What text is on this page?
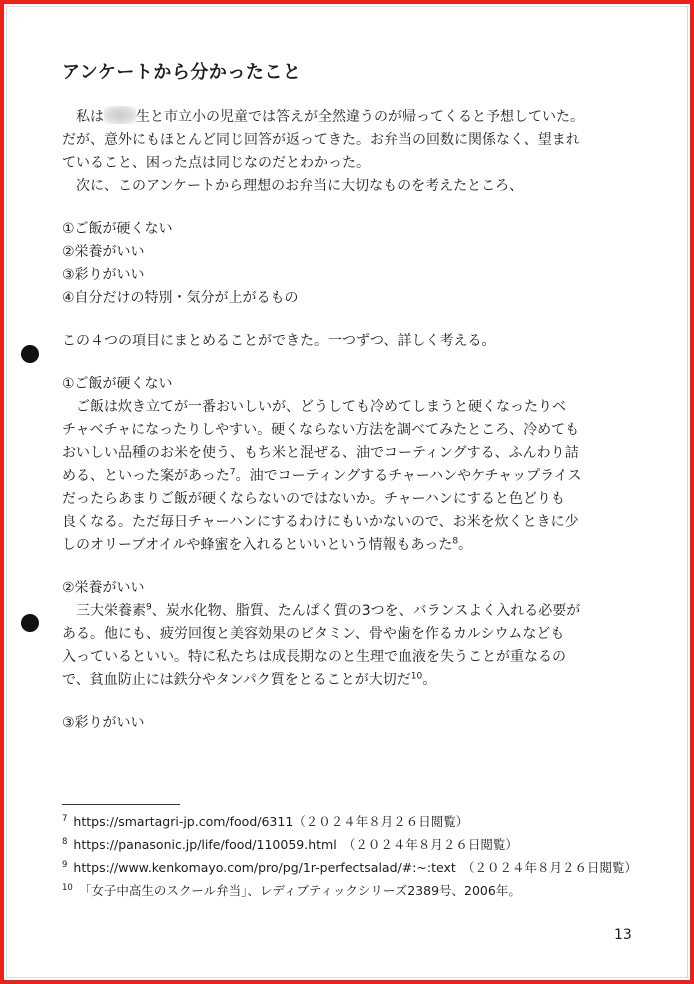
アンケートから分かったこと

　私は 生と市立小の児童では答えが全然違うのが帰ってくると予想していた。

だが、意外にもほとんど同じ回答が返ってきた。お弁当の回数に関係なく、望まれ

ていること、困った点は同じなのだとわかった。

　次に、このアンケートから理想のお弁当に大切なものを考えたところ、

①ご飯が硬くない

②栄養がいい

③彩りがいい

④自分だけの特別・気分が上がるもの

この４つの項目にまとめることができた。一つずつ、詳しく考える。

①ご飯が硬くない

　ご飯は炊き立てが一番おいしいが、どうしても冷めてしまうと硬くなったりベ

チャベチャになったりしやすい。硬くならない方法を調べてみたところ、冷めても

おいしい品種のお米を使う、もち米と混ぜる、油でコーティングする、ふんわり詰

める、といった案があった$^7$。油でコーティングするチャーハンやケチャップライス

だったらあまりご飯が硬くならないのではないか。チャーハンにすると色どりも

良くなる。ただ毎日チャーハンにするわけにもいかないので、お米を炊くときに少

しのオリーブオイルや蜂蜜を入れるといいという情報もあった$^8$。

②栄養がいい

　三大栄養素$^9$、炭水化物、脂質、たんぱく質の3つを、バランスよく入れる必要が

ある。他にも、疲労回復と美容効果のビタミン、骨や歯を作るカルシウムなども

入っているといい。特に私たちは成長期なのと生理で血液を失うことが重なるの

で、貧血防止には鉄分やタンパク質をとることが大切だ$^{10}$。

③彩りがいい

$^7$ https://smartagri-jp.com/food/6311（２０２４年８月２６日閲覧）

$^8$ https://panasonic.jp/life/food/110059.html　（２０２４年８月２６日閲覧）

$^9$ https://www.kenkomayo.com/pro/pg/1r-perfectsalad/#:~:text　（２０２４年８月２６日閲覧）

$^{10}$ 「女子中高生のスクール弁当」、レディブティックシリーズ2389号、2006年。

13
